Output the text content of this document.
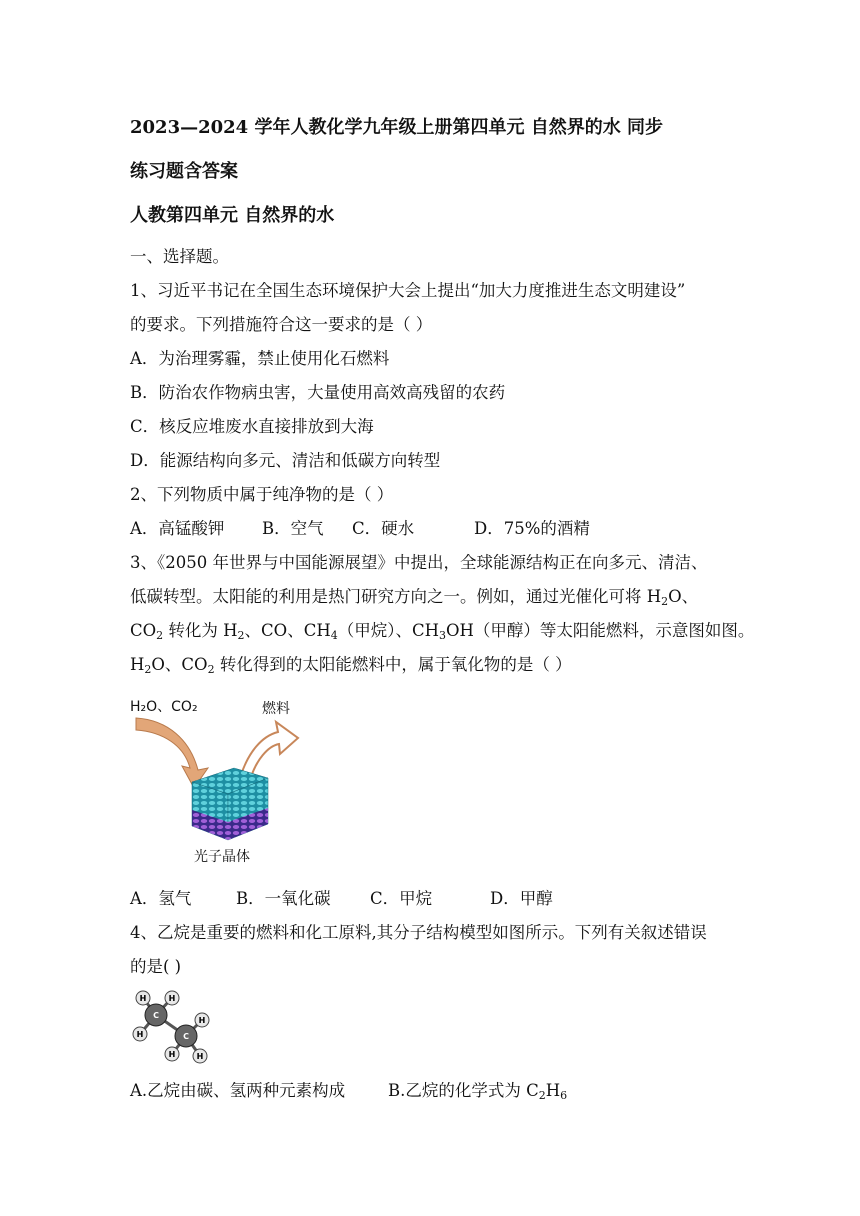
2023—2024 学年人教化学九年级上册第四单元 自然界的水 同步
练习题含答案
人教第四单元 自然界的水
一、选择题。
1、习近平书记在全国生态环境保护大会上提出“加大力度推进生态文明建设”
的要求。下列措施符合这一要求的是（ ）
A．为治理雾霾，禁止使用化石燃料
B．防治农作物病虫害，大量使用高效高残留的农药
C．核反应堆废水直接排放到大海
D．能源结构向多元、清洁和低碳方向转型
2、下列物质中属于纯净物的是（ ）
A．高锰酸钾 B．空气 C．硬水	D．75%的酒精
3、《2050 年世界与中国能源展望》中提出，全球能源结构正在向多元、清洁、
低碳转型。太阳能的利用是热门研究方向之一。例如，通过光催化可将 $H_2O$、
$CO_2$ 转化为 $H_2$、CO、$CH_4$（甲烷）、$CH_3OH$（甲醇）等太阳能燃料，示意图如图。
$H_2O$、$CO_2$ 转化得到的太阳能燃料中，属于氧化物的是（ ）
H₂O、CO₂	燃料
光子晶体
A．氢气	B．一氧化碳 C．甲烷	D．甲醇
4、乙烷是重要的燃料和化工原料,其分子结构模型如图所示。下列有关叙述错误
的是( )
H	H
C
H
H
C
H	H
A.乙烷由碳、氢两种元素构成	B.乙烷的化学式为 $C_2H_6$
